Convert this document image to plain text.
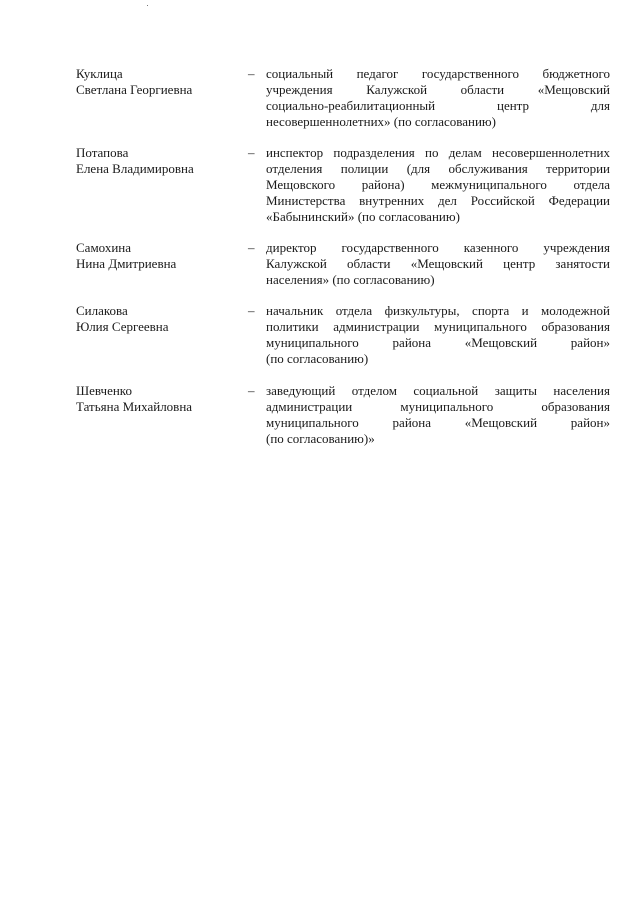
Куклица
Светлана Георгиевна
– социальный педагог государственного бюджетного
учреждения Калужской области «Мещовский
социально-реабилитационный центр для
несовершеннолетних» (по согласованию)
Потапова
Елена Владимировна
– инспектор подразделения по делам несовершеннолетних
отделения полиции (для обслуживания территории
Мещовского района) межмуниципального отдела
Министерства внутренних дел Российской Федерации
«Бабынинский» (по согласованию)
Самохина
Нина Дмитриевна
– директор государственного казенного учреждения
Калужской области «Мещовский центр занятости
населения» (по согласованию)
Силакова
Юлия Сергеевна
– начальник отдела физкультуры, спорта и молодежной
политики администрации муниципального образования
муниципального района «Мещовский район»
(по согласованию)
Шевченко
Татьяна Михайловна
– заведующий отделом социальной защиты населения
администрации муниципального образования
муниципального района «Мещовский район»
(по согласованию)»
